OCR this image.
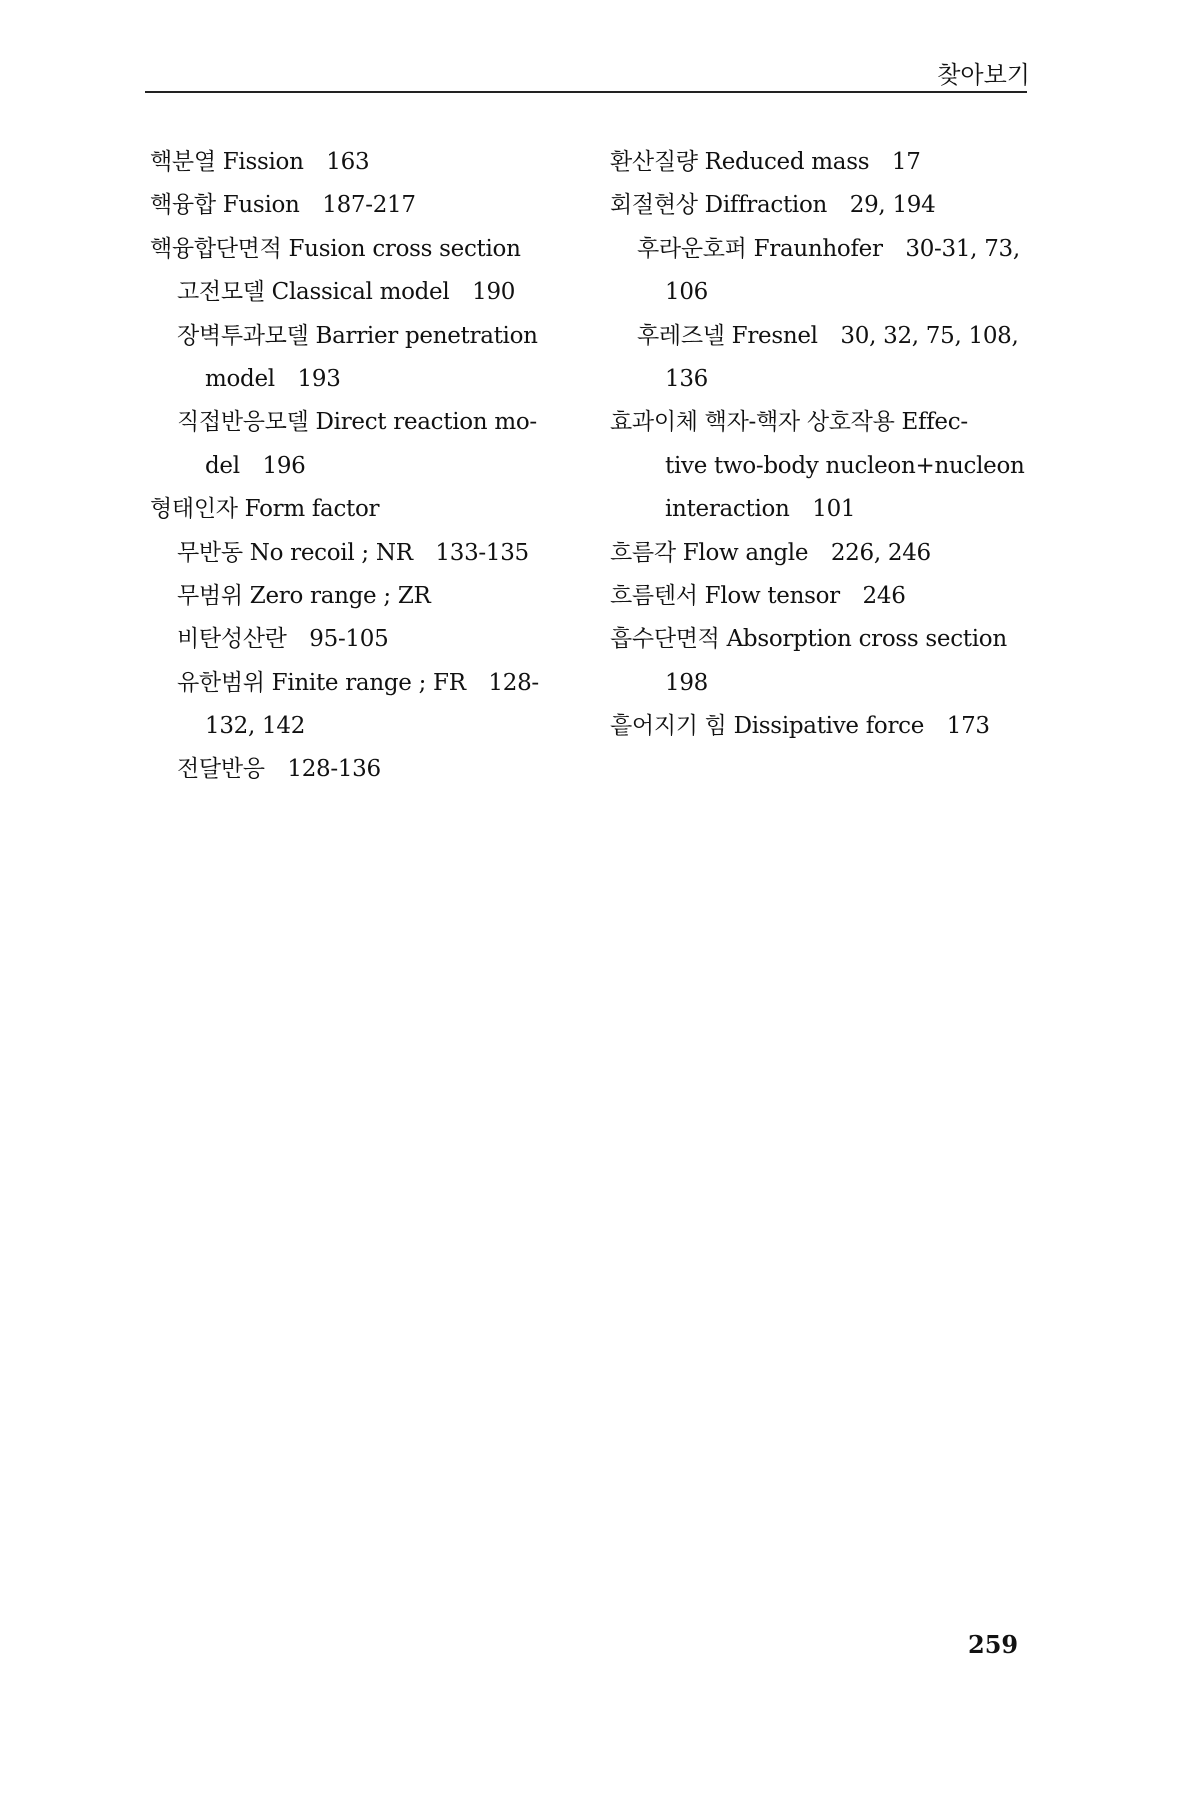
찾아보기
핵분열 Fission　163
핵융합 Fusion　187-217
핵융합단면적 Fusion cross section
고전모델 Classical model　190
장벽투과모델 Barrier penetration
model　193
직접반응모델 Direct reaction mo-
del　196
형태인자 Form factor
무반동 No recoil ; NR　133-135
무범위 Zero range ; ZR
비탄성산란　95-105
유한범위 Finite range ; FR　128-
132, 142
전달반응　128-136
환산질량 Reduced mass　17
회절현상 Diffraction　29, 194
후라운호퍼 Fraunhofer　30-31, 73,
106
후레즈넬 Fresnel　30, 32, 75, 108,
136
효과이체 핵자-핵자 상호작용 Effec-
tive two-body nucleon+nucleon
interaction　101
흐름각 Flow angle　226, 246
흐름텐서 Flow tensor　246
흡수단면적 Absorption cross section
198
흩어지기 힘 Dissipative force　173
259
